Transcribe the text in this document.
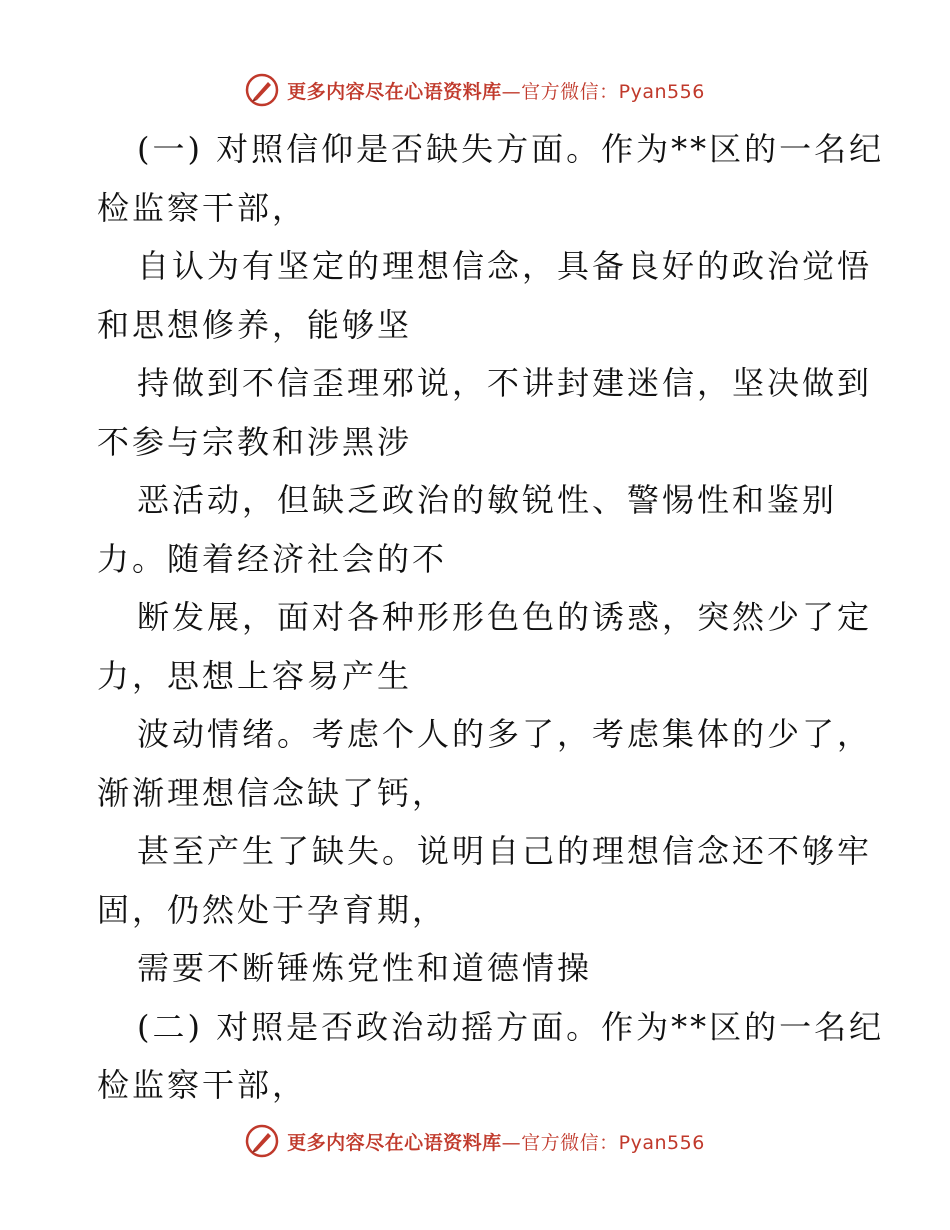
更多内容尽在心语资料库—官方微信：Pyan556
(一) 对照信仰是否缺失方面。作为**区的一名纪
检监察干部，
自认为有坚定的理想信念，具备良好的政治觉悟
和思想修养，能够坚
持做到不信歪理邪说，不讲封建迷信，坚决做到
不参与宗教和涉黑涉
恶活动，但缺乏政治的敏锐性、警惕性和鉴别
力。随着经济社会的不
断发展，面对各种形形色色的诱惑，突然少了定
力，思想上容易产生
波动情绪。考虑个人的多了，考虑集体的少了，
渐渐理想信念缺了钙，
甚至产生了缺失。说明自己的理想信念还不够牢
固，仍然处于孕育期，
需要不断锤炼党性和道德情操
(二) 对照是否政治动摇方面。作为**区的一名纪
检监察干部，
更多内容尽在心语资料库—官方微信：Pyan556
